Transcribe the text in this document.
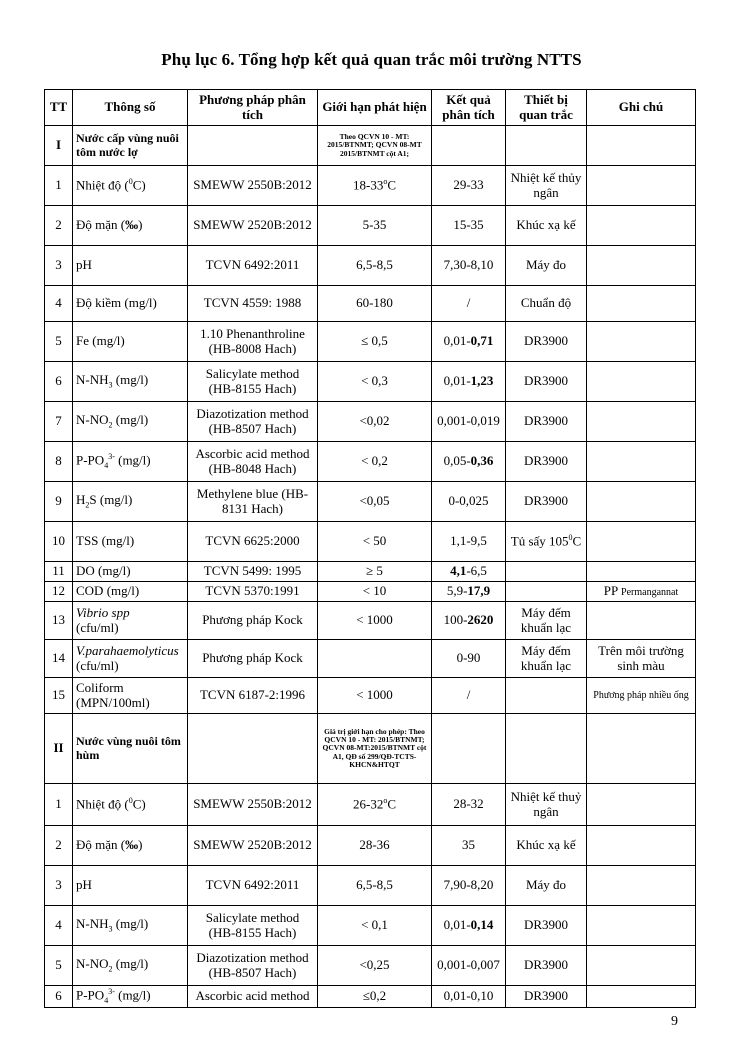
Phụ lục 6. Tổng hợp kết quả quan trắc môi trường NTTS
TT	Thông số	Phương pháp phân tích	Giới hạn phát hiện	Kết quả phân tích	Thiết bị quan trắc	Ghi chú
I	Nước cấp vùng nuôi tôm nước lợ		Theo QCVN 10 - MT: 2015/BTNMT; QCVN 08-MT 2015/BTNMT cột A1;			
1	Nhiệt độ ($^0$C)	SMEWW 2550B:2012	18-33$^o$C	29-33	Nhiệt kế thủy ngân	
2	Độ mặn (‰)	SMEWW 2520B:2012	5-35	15-35	Khúc xạ kế	
3	pH	TCVN 6492:2011	6,5-8,5	7,30-8,10	Máy đo	
4	Độ kiềm (mg/l)	TCVN 4559: 1988	60-180	/	Chuẩn độ	
5	Fe (mg/l)	1.10 Phenanthroline (HB-8008 Hach)	≤ 0,5	0,01-0,71	DR3900	
6	$N-NH_3$ (mg/l)	Salicylate method (HB-8155 Hach)	< 0,3	0,01-1,23	DR3900	
7	$N-NO_2$ (mg/l)	Diazotization method (HB-8507 Hach)	<0,02	0,001-0,019	DR3900	
8	$P-PO_4^{3-}$ (mg/l)	Ascorbic acid method (HB-8048 Hach)	< 0,2	0,05-0,36	DR3900	
9	$H_2S$ (mg/l)	Methylene blue (HB-8131 Hach)	<0,05	0-0,025	DR3900	
10	TSS (mg/l)	TCVN 6625:2000	< 50	1,1-9,5	Tủ sấy $105^0C$	
11	DO (mg/l)	TCVN 5499: 1995	≥ 5	4,1-6,5		
12	COD (mg/l)	TCVN 5370:1991	< 10	5,9-17,9		PP Permangannat
13	Vibrio spp
(cfu/ml)	Phương pháp Kock	< 1000	100-2620	Máy đếm khuẩn lạc	
14	V.parahaemolyticus
(cfu/ml)	Phương pháp Kock		0-90	Máy đếm khuẩn lạc	Trên môi trường sinh màu
15	Coliform (MPN/100ml)	TCVN 6187-2:1996	< 1000	/		Phương pháp nhiều ống
II	Nước vùng nuôi tôm hùm		Giá trị giới hạn cho phép: Theo QCVN 10 - MT: 2015/BTNMT; QCVN 08-MT:2015/BTNMT cột A1, QĐ số 299/QĐ-TCTS-KHCN&HTQT			
1	Nhiệt độ ($^0$C)	SMEWW 2550B:2012	26-32$^o$C	28-32	Nhiệt kế thuỷ ngân	
2	Độ mặn (‰)	SMEWW 2520B:2012	28-36	35	Khúc xạ kế	
3	pH	TCVN 6492:2011	6,5-8,5	7,90-8,20	Máy đo	
4	$N-NH_3$ (mg/l)	Salicylate method (HB-8155 Hach)	< 0,1	0,01-0,14	DR3900	
5	$N-NO_2$ (mg/l)	Diazotization method (HB-8507 Hach)	<0,25	0,001-0,007	DR3900	
6	$P-PO_4^{3-}$ (mg/l)	Ascorbic acid method	≤0,2	0,01-0,10	DR3900	
9
